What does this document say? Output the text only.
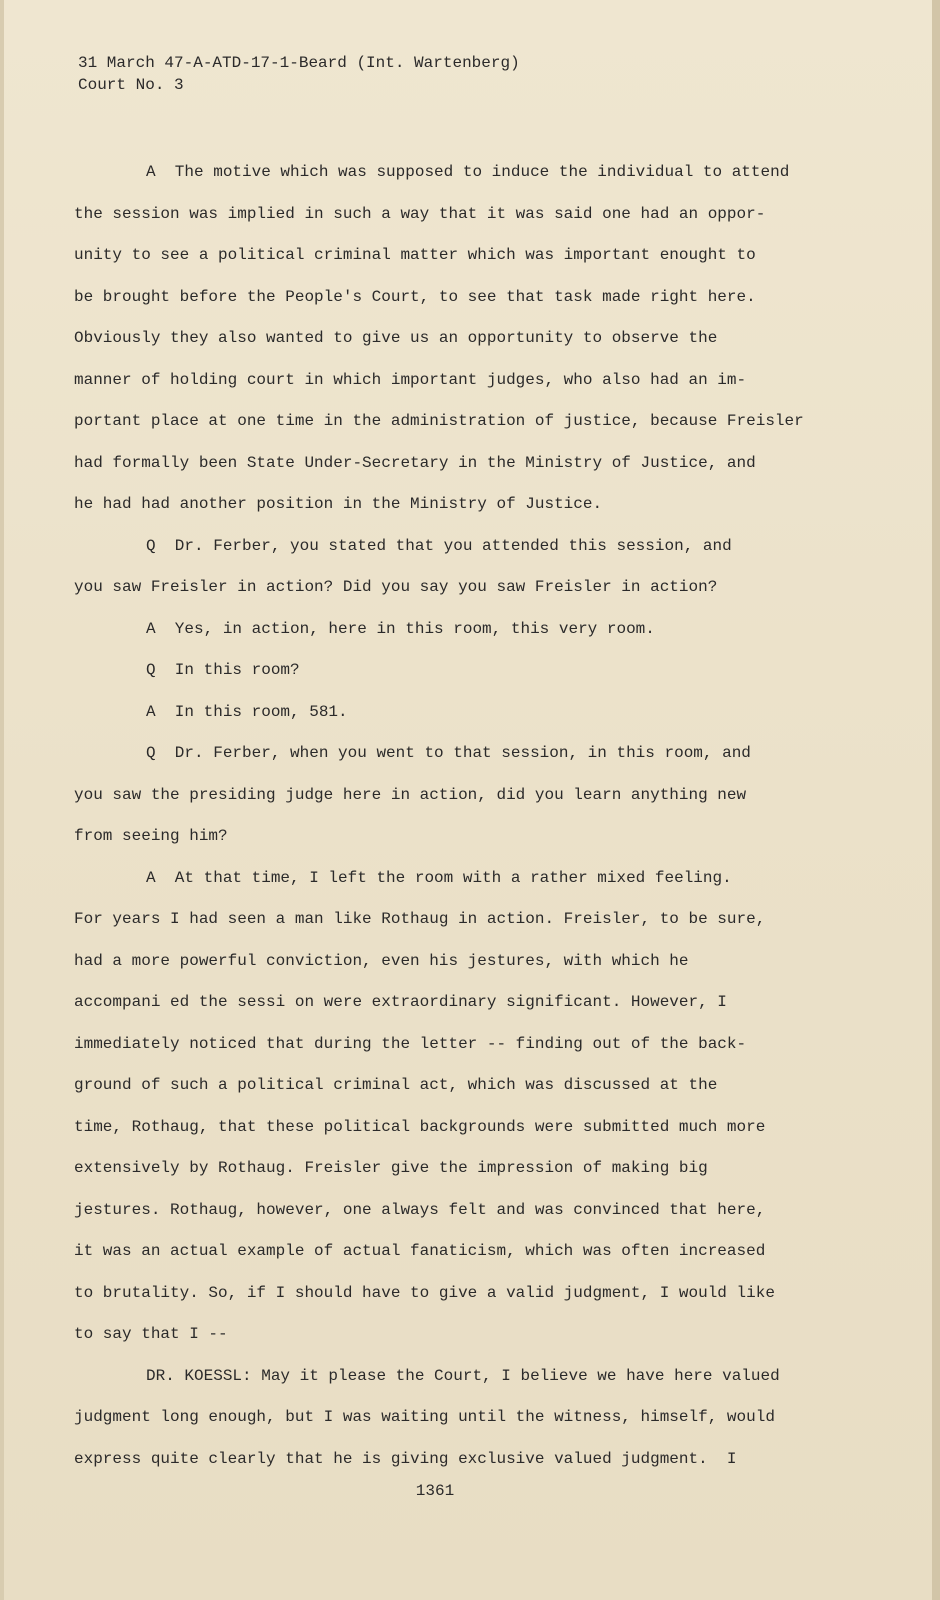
31 March 47-A-ATD-17-1-Beard (Int. Wartenberg)
Court No. 3
A  The motive which was supposed to induce the individual to attend
the session was implied in such a way that it was said one had an oppor-
unity to see a political criminal matter which was important enought to
be brought before the People's Court, to see that task made right here.
Obviously they also wanted to give us an opportunity to observe the
manner of holding court in which important judges, who also had an im-
portant place at one time in the administration of justice, because Freisler
had formally been State Under-Secretary in the Ministry of Justice, and
he had had another position in the Ministry of Justice.
Q  Dr. Ferber, you stated that you attended this session, and
you saw Freisler in action? Did you say you saw Freisler in action?
A  Yes, in action, here in this room, this very room.
Q  In this room?
A  In this room, 581.
Q  Dr. Ferber, when you went to that session, in this room, and
you saw the presiding judge here in action, did you learn anything new
from seeing him?
A  At that time, I left the room with a rather mixed feeling.
For years I had seen a man like Rothaug in action. Freisler, to be sure,
had a more powerful conviction, even his jestures, with which he
accompani ed the sessi on were extraordinary significant. However, I
immediately noticed that during the letter -- finding out of the back-
ground of such a political criminal act, which was discussed at the
time, Rothaug, that these political backgrounds were submitted much more
extensively by Rothaug. Freisler give the impression of making big
jestures. Rothaug, however, one always felt and was convinced that here,
it was an actual example of actual fanaticism, which was often increased
to brutality. So, if I should have to give a valid judgment, I would like
to say that I --
DR. KOESSL: May it please the Court, I believe we have here valued
judgment long enough, but I was waiting until the witness, himself, would
express quite clearly that he is giving exclusive valued judgment.  I
1361
